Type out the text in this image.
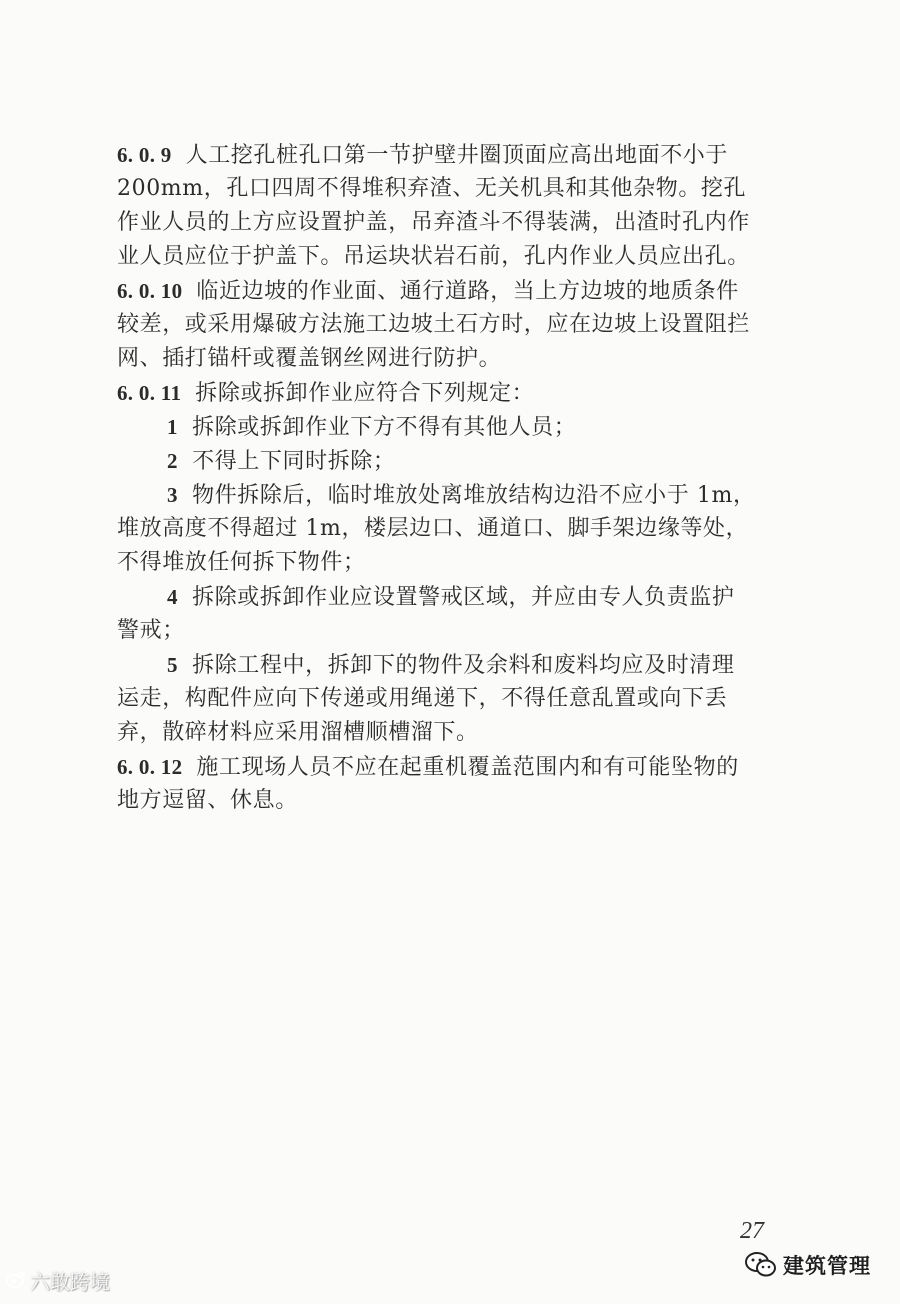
6. 0. 9 人工挖孔桩孔口第一节护壁井圈顶面应高出地面不小于
200mm，孔口四周不得堆积弃渣、无关机具和其他杂物。挖孔
作业人员的上方应设置护盖，吊弃渣斗不得装满，出渣时孔内作
业人员应位于护盖下。吊运块状岩石前，孔内作业人员应出孔。
6. 0. 10 临近边坡的作业面、通行道路，当上方边坡的地质条件
较差，或采用爆破方法施工边坡土石方时，应在边坡上设置阻拦
网、插打锚杆或覆盖钢丝网进行防护。
6. 0. 11 拆除或拆卸作业应符合下列规定：
1 拆除或拆卸作业下方不得有其他人员；
2 不得上下同时拆除；
3 物件拆除后，临时堆放处离堆放结构边沿不应小于 1m，
堆放高度不得超过 1m，楼层边口、通道口、脚手架边缘等处，
不得堆放任何拆下物件；
4 拆除或拆卸作业应设置警戒区域，并应由专人负责监护
警戒；
5 拆除工程中，拆卸下的物件及余料和废料均应及时清理
运走，构配件应向下传递或用绳递下，不得任意乱置或向下丢
弃，散碎材料应采用溜槽顺槽溜下。
6. 0. 12 施工现场人员不应在起重机覆盖范围内和有可能坠物的
地方逗留、休息。
27
六敢跨境
建筑管理
